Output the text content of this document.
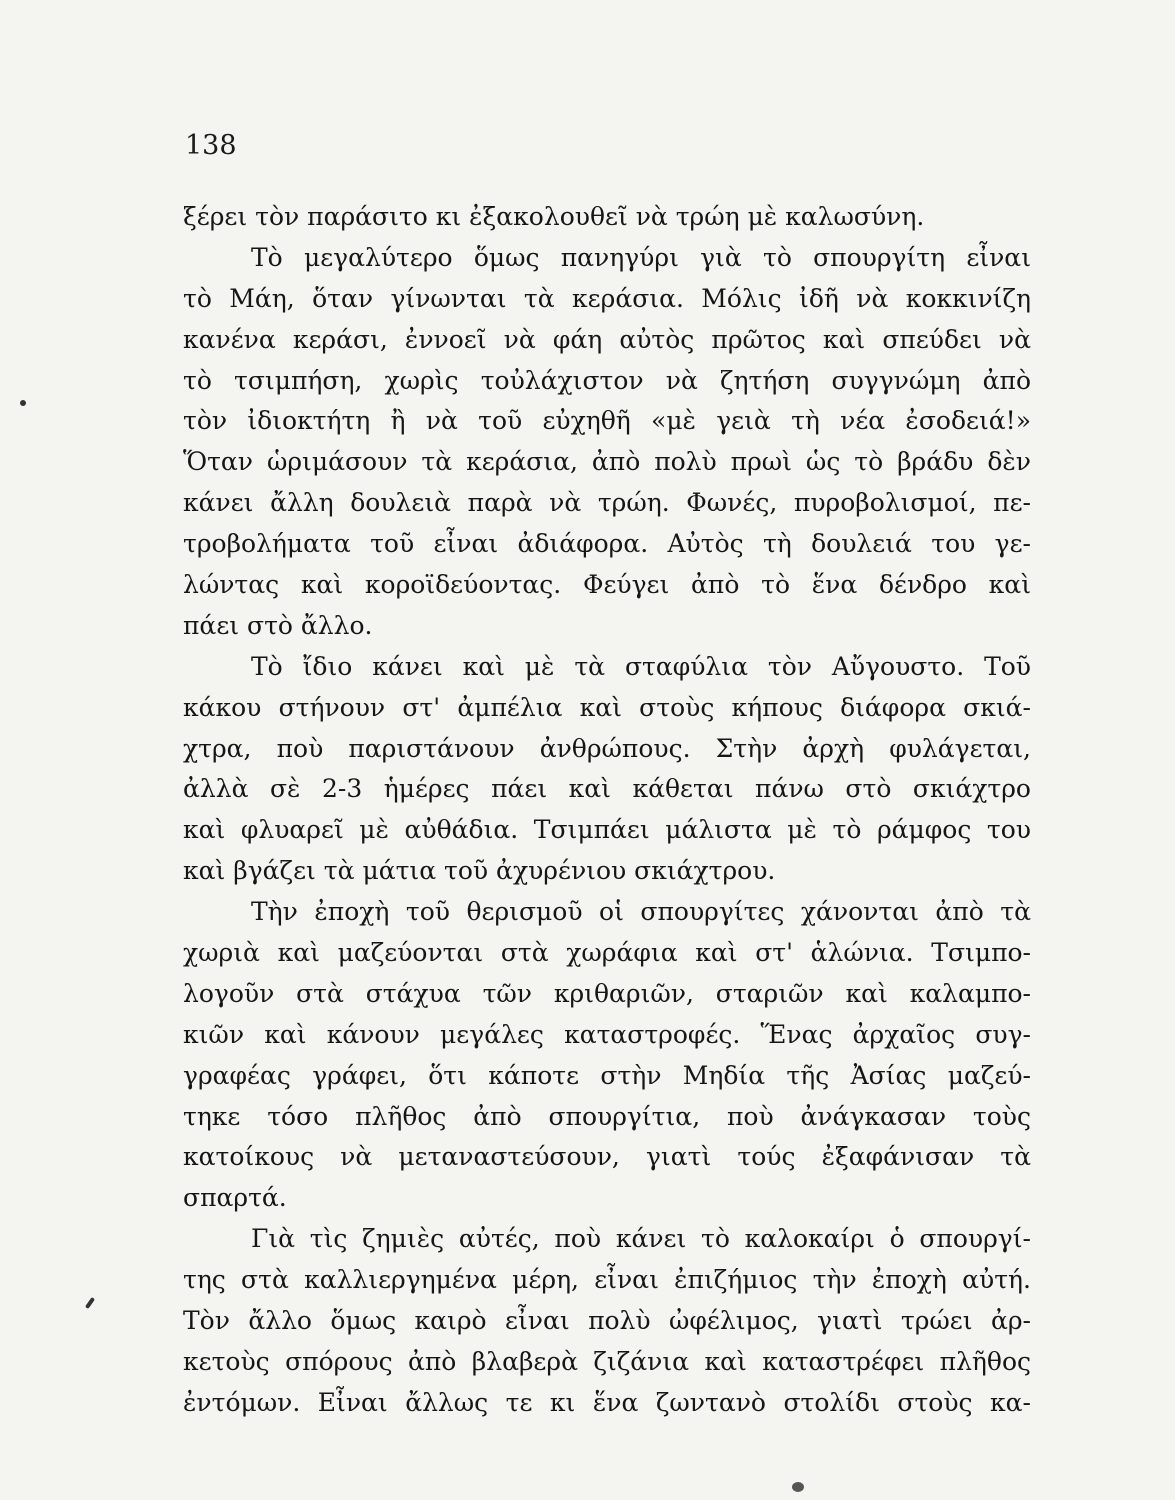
138
ξέρει τὸν παράσιτο κι ἐξακολουθεῖ νὰ τρώη μὲ καλωσύνη.
Τὸ μεγαλύτερο ὅμως πανηγύρι γιὰ τὸ σπουργίτη εἶναι
τὸ Μάη, ὅταν γίνωνται τὰ κεράσια. Μόλις ἰδῆ νὰ κοκκινίζη
κανένα κεράσι, ἐννοεῖ νὰ φάη αὐτὸς πρῶτος καὶ σπεύδει νὰ
τὸ τσιμπήση, χωρὶς τοὐλάχιστον νὰ ζητήση συγγνώμη ἀπὸ
τὸν ἰδιοκτήτη ἢ νὰ τοῦ εὐχηθῆ «μὲ γειὰ τὴ νέα ἐσοδειά!»
Ὅταν ὡριμάσουν τὰ κεράσια, ἀπὸ πολὺ πρωὶ ὡς τὸ βράδυ δὲν
κάνει ἄλλη δουλειὰ παρὰ νὰ τρώη. Φωνές, πυροβολισμοί, πε-
τροβολήματα τοῦ εἶναι ἀδιάφορα. Αὐτὸς τὴ δουλειά του γε-
λώντας καὶ κοροϊδεύοντας. Φεύγει ἀπὸ τὸ ἕνα δένδρο καὶ
πάει στὸ ἄλλο.
Τὸ ἴδιο κάνει καὶ μὲ τὰ σταφύλια τὸν Αὔγουστο. Τοῦ
κάκου στήνουν στ' ἀμπέλια καὶ στοὺς κήπους διάφορα σκιά-
χτρα, ποὺ παριστάνουν ἀνθρώπους. Στὴν ἀρχὴ φυλάγεται,
ἀλλὰ σὲ 2-3 ἡμέρες πάει καὶ κάθεται πάνω στὸ σκιάχτρο
καὶ φλυαρεῖ μὲ αὐθάδια. Τσιμπάει μάλιστα μὲ τὸ ράμφος του
καὶ βγάζει τὰ μάτια τοῦ ἀχυρένιου σκιάχτρου.
Τὴν ἐποχὴ τοῦ θερισμοῦ οἱ σπουργίτες χάνονται ἀπὸ τὰ
χωριὰ καὶ μαζεύονται στὰ χωράφια καὶ στ' ἁλώνια. Τσιμπο-
λογοῦν στὰ στάχυα τῶν κριθαριῶν, σταριῶν καὶ καλαμπο-
κιῶν καὶ κάνουν μεγάλες καταστροφές. Ἕνας ἀρχαῖος συγ-
γραφέας γράφει, ὅτι κάποτε στὴν Μηδία τῆς Ἀσίας μαζεύ-
τηκε τόσο πλῆθος ἀπὸ σπουργίτια, ποὺ ἀνάγκασαν τοὺς
κατοίκους νὰ μεταναστεύσουν, γιατὶ τούς ἐξαφάνισαν τὰ
σπαρτά.
Γιὰ τὶς ζημιὲς αὐτές, ποὺ κάνει τὸ καλοκαίρι ὁ σπουργί-
της στὰ καλλιεργημένα μέρη, εἶναι ἐπιζήμιος τὴν ἐποχὴ αὐτή.
Τὸν ἄλλο ὅμως καιρὸ εἶναι πολὺ ὠφέλιμος, γιατὶ τρώει ἀρ-
κετοὺς σπόρους ἀπὸ βλαβερὰ ζιζάνια καὶ καταστρέφει πλῆθος
ἐντόμων. Εἶναι ἄλλως τε κι ἕνα ζωντανὸ στολίδι στοὺς κα-
